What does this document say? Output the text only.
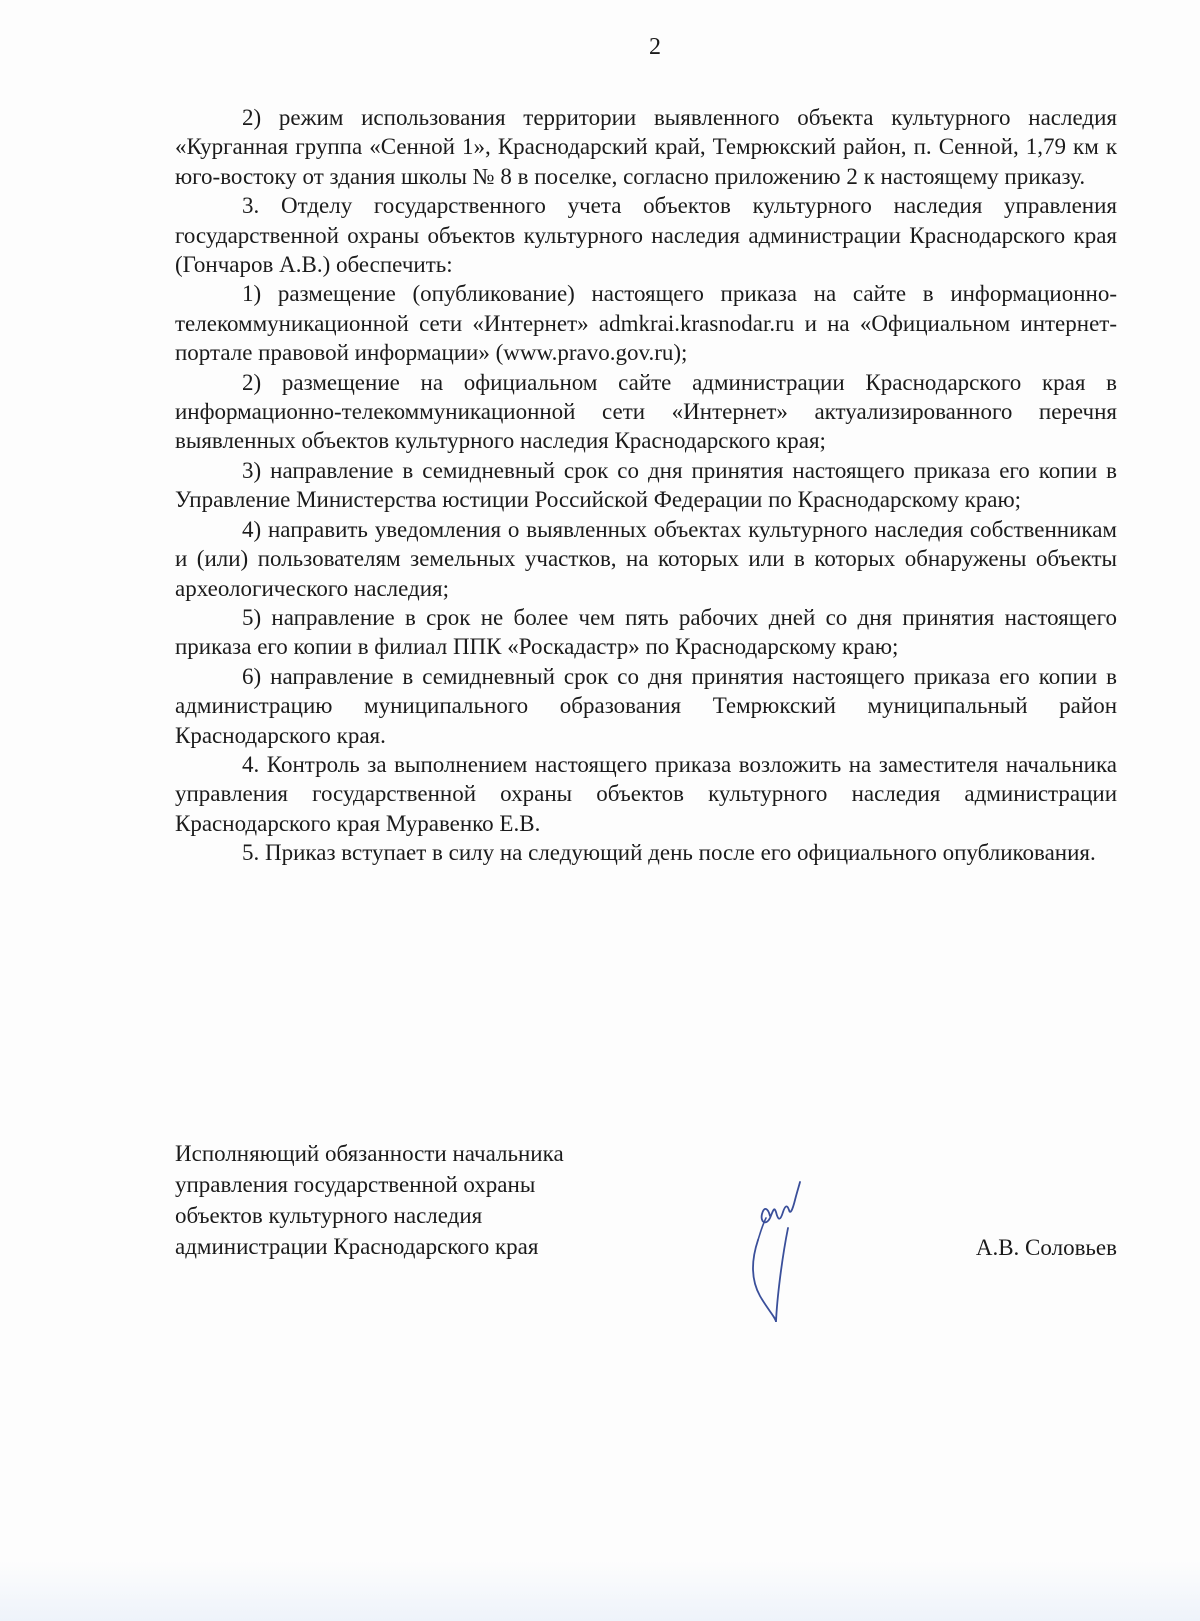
2

2) режим использования территории выявленного объекта культурного наследия «Курганная группа «Сенной 1», Краснодарский край, Темрюкский район, п. Сенной, 1,79 км к юго-востоку от здания школы № 8 в поселке, согласно приложению 2 к настоящему приказу.

3. Отделу государственного учета объектов культурного наследия управления государственной охраны объектов культурного наследия администрации Краснодарского края (Гончаров А.В.) обеспечить:

1) размещение (опубликование) настоящего приказа на сайте в информационно-телекоммуникационной сети «Интернет» admkrai.krasnodar.ru и на «Официальном интернет-портале правовой информации» (www.pravo.gov.ru);

2) размещение на официальном сайте администрации Краснодарского края в информационно-телекоммуникационной сети «Интернет» актуализированного перечня выявленных объектов культурного наследия Краснодарского края;

3) направление в семидневный срок со дня принятия настоящего приказа его копии в Управление Министерства юстиции Российской Федерации по Краснодарскому краю;

4) направить уведомления о выявленных объектах культурного наследия собственникам и (или) пользователям земельных участков, на которых или в которых обнаружены объекты археологического наследия;

5) направление в срок не более чем пять рабочих дней со дня принятия настоящего приказа его копии в филиал ППК «Роскадастр» по Краснодарскому краю;

6) направление в семидневный срок со дня принятия настоящего приказа его копии в администрацию муниципального образования Темрюкский муниципальный район Краснодарского края.

4. Контроль за выполнением настоящего приказа возложить на заместителя начальника управления государственной охраны объектов культурного наследия администрации Краснодарского края Муравенко Е.В.

5. Приказ вступает в силу на следующий день после его официального опубликования.

Исполняющий обязанности начальника
управления государственной охраны
объектов культурного наследия
администрации Краснодарского края	А.В. Соловьев
